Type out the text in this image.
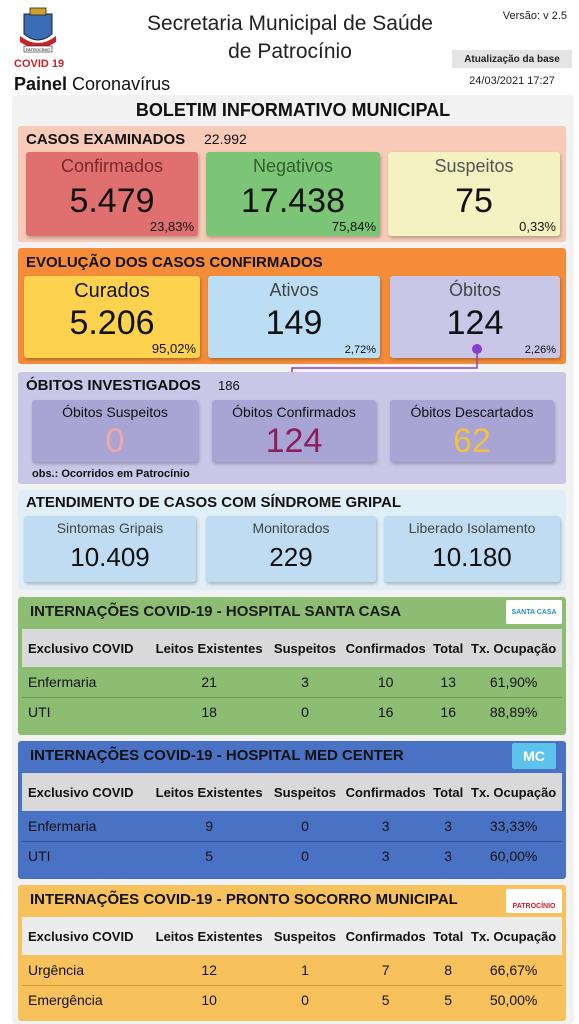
PATROCÍNIO
COVID 19
Painel Coronavírus
Secretaria Municipal de Saúde
de Patrocínio
Versão: v 2.5
Atualização da base
24/03/2021 17:27
BOLETIM INFORMATIVO MUNICIPAL
CASOS EXAMINADOS 22.992
Confirmados
5.479
23,83%
Negativos
17.438
75,84%
Suspeitos
75
0,33%
EVOLUÇÃO DOS CASOS CONFIRMADOS
Curados
5.206
95,02%
Ativos
149
2,72%
Óbitos
124
2,26%
ÓBITOS INVESTIGADOS 186
Óbitos Suspeitos
0
Óbitos Confirmados
124
Óbitos Descartados
62
obs.: Ocorridos em Patrocínio
ATENDIMENTO DE CASOS COM SÍNDROME GRIPAL
Sintomas Gripais
10.409
Monitorados
229
Liberado Isolamento
10.180
INTERNAÇÕES COVID-19 - HOSPITAL SANTA CASA	SANTA CASA
Exclusivo COVID	Leitos Existentes	Suspeitos	Confirmados	Total	Tx. Ocupação
Enfermaria	21	3	10	13	61,90%
UTI	18	0	16	16	88,89%
INTERNAÇÕES COVID-19 - HOSPITAL MED CENTER	MC
Exclusivo COVID	Leitos Existentes	Suspeitos	Confirmados	Total	Tx. Ocupação
Enfermaria	9	0	3	3	33,33%
UTI	5	0	3	3	60,00%
INTERNAÇÕES COVID-19 - PRONTO SOCORRO MUNICIPAL	PATROCÍNIO
Exclusivo COVID	Leitos Existentes	Suspeitos	Confirmados	Total	Tx. Ocupação
Urgência	12	1	7	8	66,67%
Emergência	10	0	5	5	50,00%
